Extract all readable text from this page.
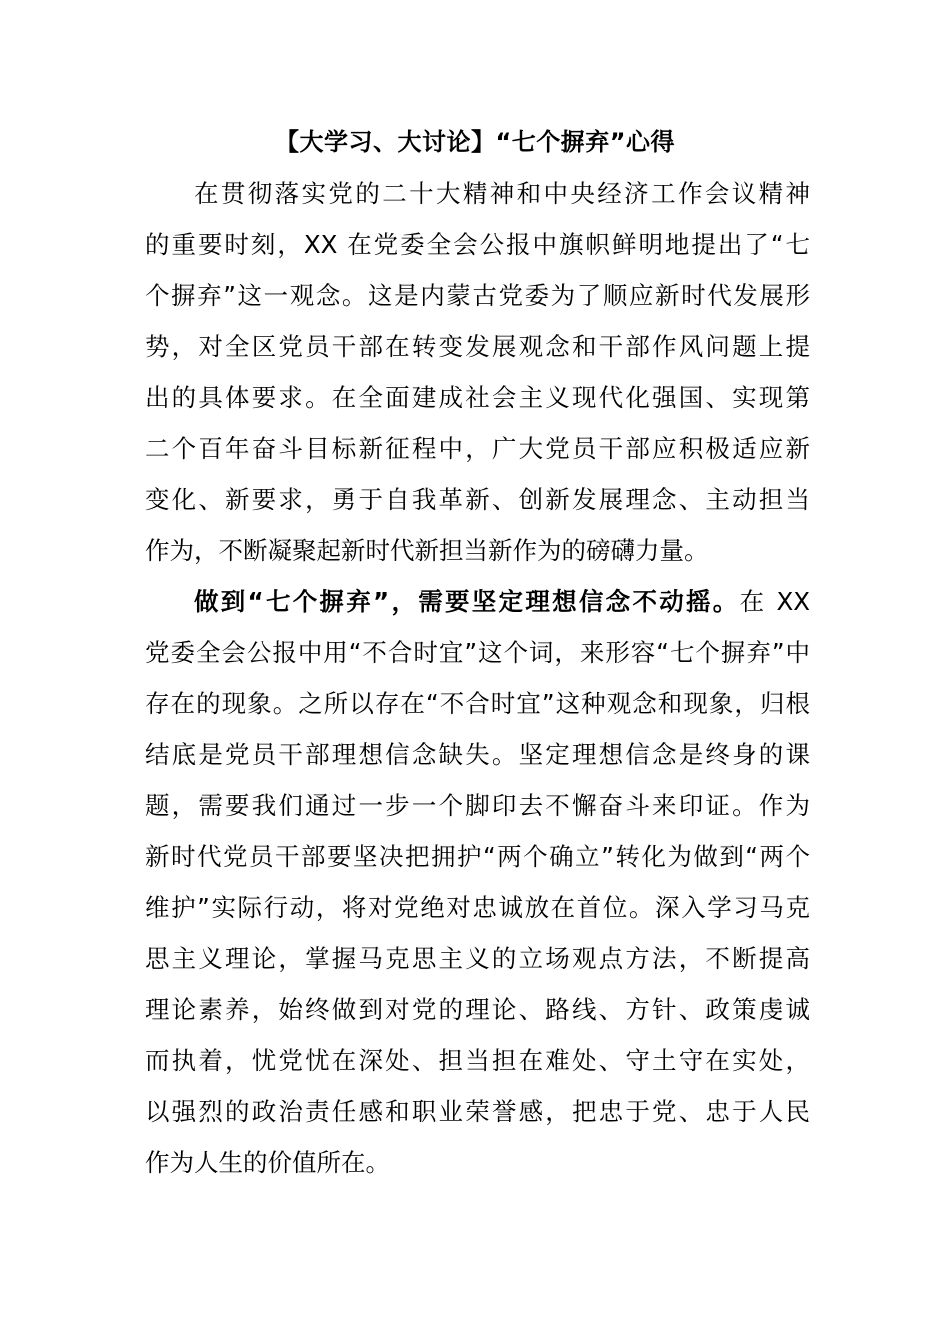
【大学习、大讨论】“七个摒弃”心得
在贯彻落实党的二十大精神和中央经济工作会议精神
的重要时刻，XX 在党委全会公报中旗帜鲜明地提出了“七
个摒弃”这一观念。这是内蒙古党委为了顺应新时代发展形
势，对全区党员干部在转变发展观念和干部作风问题上提
出的具体要求。在全面建成社会主义现代化强国、实现第
二个百年奋斗目标新征程中，广大党员干部应积极适应新
变化、新要求，勇于自我革新、创新发展理念、主动担当
作为，不断凝聚起新时代新担当新作为的磅礴力量。
做到“七个摒弃”，需要坚定理想信念不动摇。在 XX
党委全会公报中用“不合时宜”这个词，来形容“七个摒弃”中
存在的现象。之所以存在“不合时宜”这种观念和现象，归根
结底是党员干部理想信念缺失。坚定理想信念是终身的课
题，需要我们通过一步一个脚印去不懈奋斗来印证。作为
新时代党员干部要坚决把拥护“两个确立”转化为做到“两个
维护”实际行动，将对党绝对忠诚放在首位。深入学习马克
思主义理论，掌握马克思主义的立场观点方法，不断提高
理论素养，始终做到对党的理论、路线、方针、政策虔诚
而执着，忧党忧在深处、担当担在难处、守土守在实处，
以强烈的政治责任感和职业荣誉感，把忠于党、忠于人民
作为人生的价值所在。
